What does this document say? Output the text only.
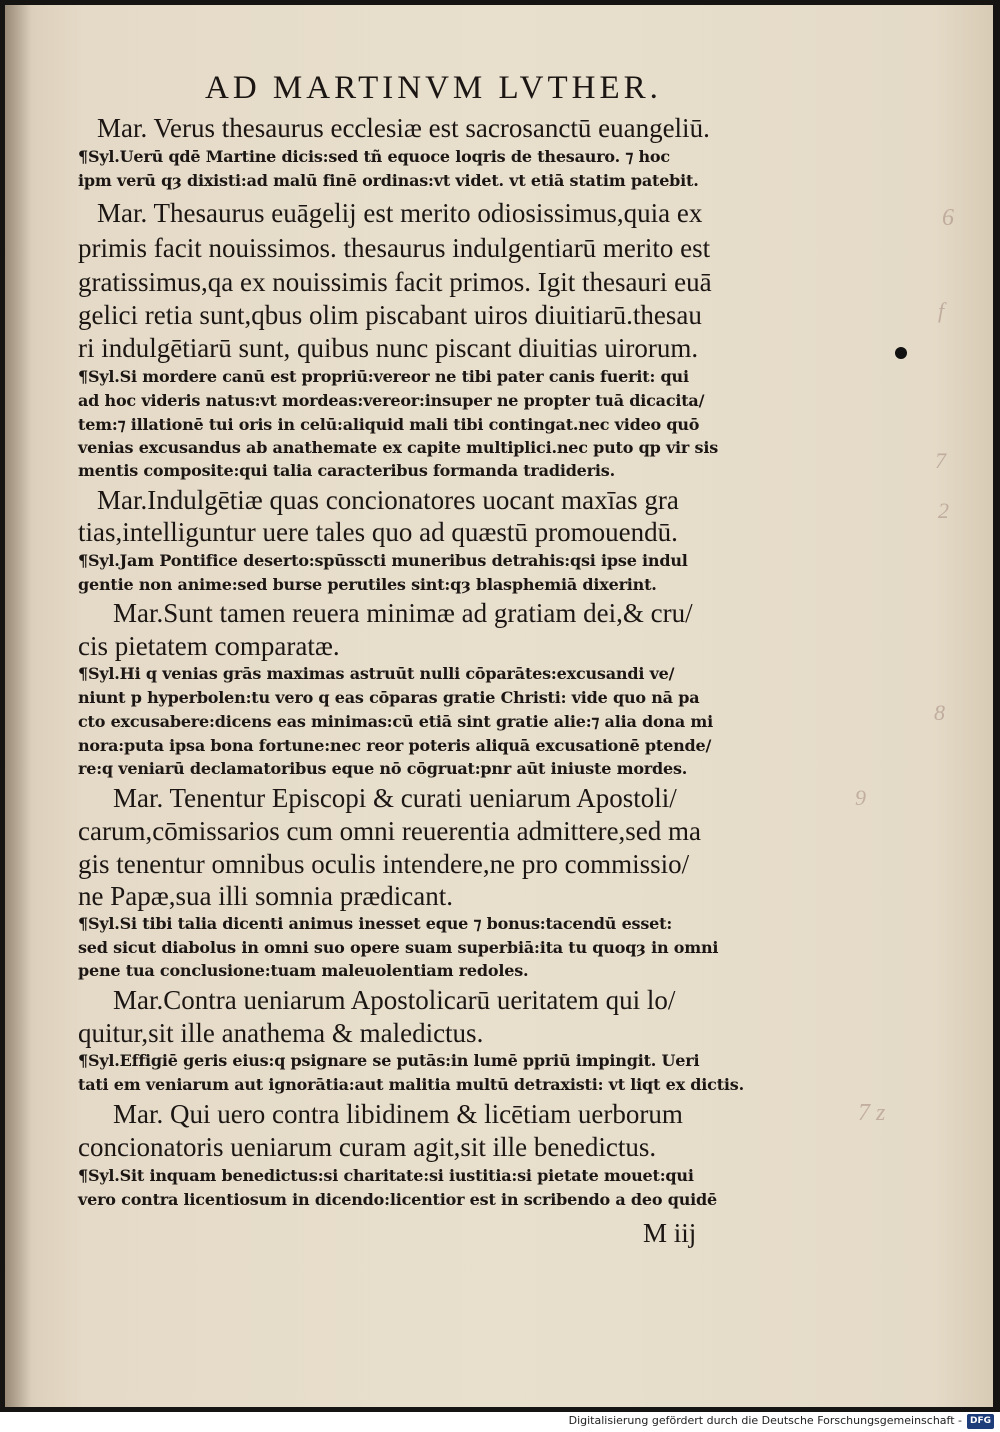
AD MARTINVM LVTHER.
Mar. Verus thesaurus ecclesiæ est sacrosanctū euangeliū.
¶Syl.Uerū qdē Martine dicis:sed tñ equoce loqris de thesauro. ⁊ hoc
ipm verū qȝ dixisti:ad malū finē ordinas:vt videt. vt etiā statim patebit.
Mar. Thesaurus euāgelij est merito odiosissimus,quia ex
primis facit nouissimos. thesaurus indulgentiarū merito est
gratissimus,qa ex nouissimis facit primos. Igit thesauri euā
gelici retia sunt,qbus olim piscabant uiros diuitiarū.thesau
ri indulgētiarū sunt, quibus nunc piscant diuitias uirorum.
¶Syl.Si mordere canū est propriū:vereor ne tibi pater canis fuerit: qui
ad hoc videris natus:vt mordeas:vereor:insuper ne propter tuā dicacita/
tem:⁊ illationē tui oris in celū:aliquid mali tibi contingat.nec video quō
venias excusandus ab anathemate ex capite multiplici.nec puto qp vir sis
mentis composite:qui talia caracteribus formanda tradideris.
Mar.Indulgētiæ quas concionatores uocant maxīas gra
tias,intelliguntur uere tales quo ad quæstū promouendū.
¶Syl.Jam Pontifice deserto:spūsscti muneribus detrahis:qsi ipse indul
gentie non anime:sed burse perutiles sint:qȝ blasphemiā dixerint.
Mar.Sunt tamen reuera minimæ ad gratiam dei,& cru/
cis pietatem comparatæ.
¶Syl.Hi q venias grās maximas astruūt nulli cōparātes:excusandi ve/
niunt p hyperbolen:tu vero q eas cōparas gratie Christi: vide quo nā pa
cto excusabere:dicens eas minimas:cū etiā sint gratie alie:⁊ alia dona mi
nora:puta ipsa bona fortune:nec reor poteris aliquā excusationē ptende/
re:q veniarū declamatoribus eque nō cōgruat:pnr aūt iniuste mordes.
Mar. Tenentur Episcopi & curati ueniarum Apostoli/
carum,cōmissarios cum omni reuerentia admittere,sed ma
gis tenentur omnibus oculis intendere,ne pro commissio/
ne Papæ,sua illi somnia prædicant.
¶Syl.Si tibi talia dicenti animus inesset eque ⁊ bonus:tacendū esset:
sed sicut diabolus in omni suo opere suam superbiā:ita tu quoqȝ in omni
pene tua conclusione:tuam maleuolentiam redoles.
Mar.Contra ueniarum Apostolicarū ueritatem qui lo/
quitur,sit ille anathema & maledictus.
¶Syl.Effigiē geris eius:q psignare se putās:in lumē ppriū impingit. Ueri
tati em veniarum aut ignorātia:aut malitia multū detraxisti: vt liqt ex dictis.
Mar. Qui uero contra libidinem & licētiam uerborum
concionatoris ueniarum curam agit,sit ille benedictus.
¶Syl.Sit inquam benedictus:si charitate:si iustitia:si pietate mouet:qui
vero contra licentiosum in dicendo:licentior est in scribendo a deo quidē
M iij
6
f
7
2
8
9
7 z
Digitalisierung gefördert durch die Deutsche Forschungsgemeinschaft - DFG
